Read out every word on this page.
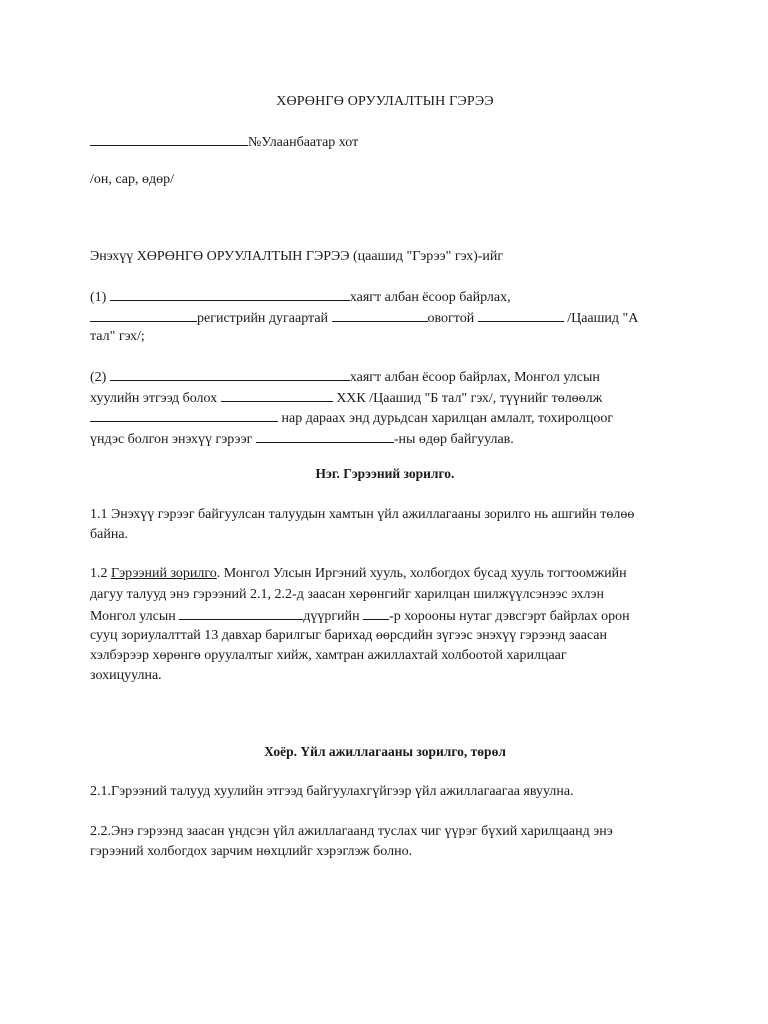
ХӨРӨНГӨ ОРУУЛАЛТЫН ГЭРЭЭ
№Улаанбаатар хот
/он, сар, өдөр/
Энэхүү ХӨРӨНГӨ ОРУУЛАЛТЫН ГЭРЭЭ (цаашид "Гэрээ" гэх)-ийг
(1)	хаягт албан ёсоор байрлах,
регистрийн дугаартай	овогтой	/Цаашид "А
тал" гэх/;
(2)	хаягт албан ёсоор байрлах, Монгол улсын
хуулийн этгээд болох	ХХК /Цаашид "Б тал" гэх/, түүнийг төлөөлж
нар дараах энд дурьдсан харилцан амлалт, тохиролцоог
үндэс болгон энэхүү гэрээг	-ны өдөр байгуулав.
Нэг. Гэрээний зорилго.
1.1 Энэхүү гэрээг байгуулсан талуудын хамтын үйл ажиллагааны зорилго нь ашгийн төлөө
байна.
1.2 Гэрээний зорилго. Монгол Улсын Иргэний хууль, холбогдох бусад хууль тогтоомжийн
дагуу талууд энэ гэрээний 2.1, 2.2-д заасан хөрөнгийг харилцан шилжүүлсэнээс эхлэн
Монгол улсын	дүүргийн -р хорооны нутаг дэвсгэрт байрлах орон
сууц зориулалттай 13 давхар барилгыг барихад өөрсдийн зүгээс энэхүү гэрээнд заасан
хэлбэрээр хөрөнгө оруулалтыг хийж, хамтран ажиллахтай холбоотой харилцааг
зохицуулна.
Хоёр. Үйл ажиллагааны зорилго, төрөл
2.1.Гэрээний талууд хуулийн этгээд байгуулахгүйгээр үйл ажиллагаагаа явуулна.
2.2.Энэ гэрээнд заасан үндсэн үйл ажиллагаанд туслах чиг үүрэг бүхий харилцаанд энэ
гэрээний холбогдох зарчим нөхцлийг хэрэглэж болно.
